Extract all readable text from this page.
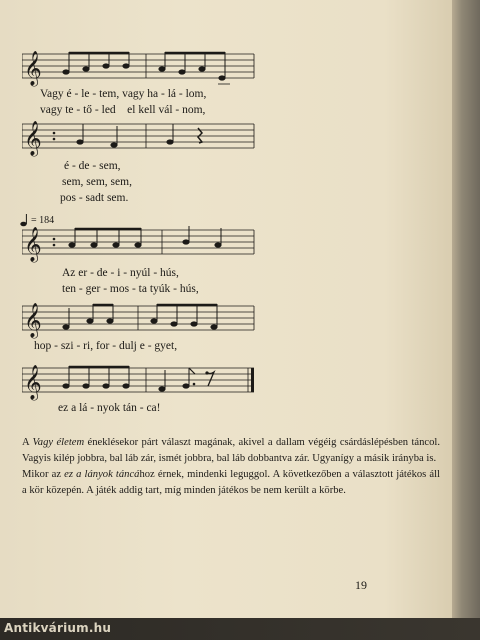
𝄞
Vagy é - le - tem, vagy ha - lá - lom,
vagy te - tő - led    el kell vál - nom,
𝄞
é - de - sem,
sem, sem, sem,
pos - sadt sem.
= 184
𝄞
Az er - de - i - nyúl - hús,
ten - ger - mos - ta tyúk - hús,
𝄞
hop - szi - ri, for - dulj e - gyet,
𝄞
ez a lá - nyok tán - ca!

A Vagy életem éneklésekor párt választ magának, akivel a dallam végéig csárdáslépésben táncol. Vagyis kilép jobbra, bal láb zár, ismét jobbra, bal láb dobbantva zár. Ugyanígy a másik irányba is.

Mikor az ez a lányok táncához érnek, mindenki leguggol. A következőben a választott játékos áll a kör közepén. A játék addig tart, míg minden játékos be nem került a körbe.

19
Antikvárium.hu
